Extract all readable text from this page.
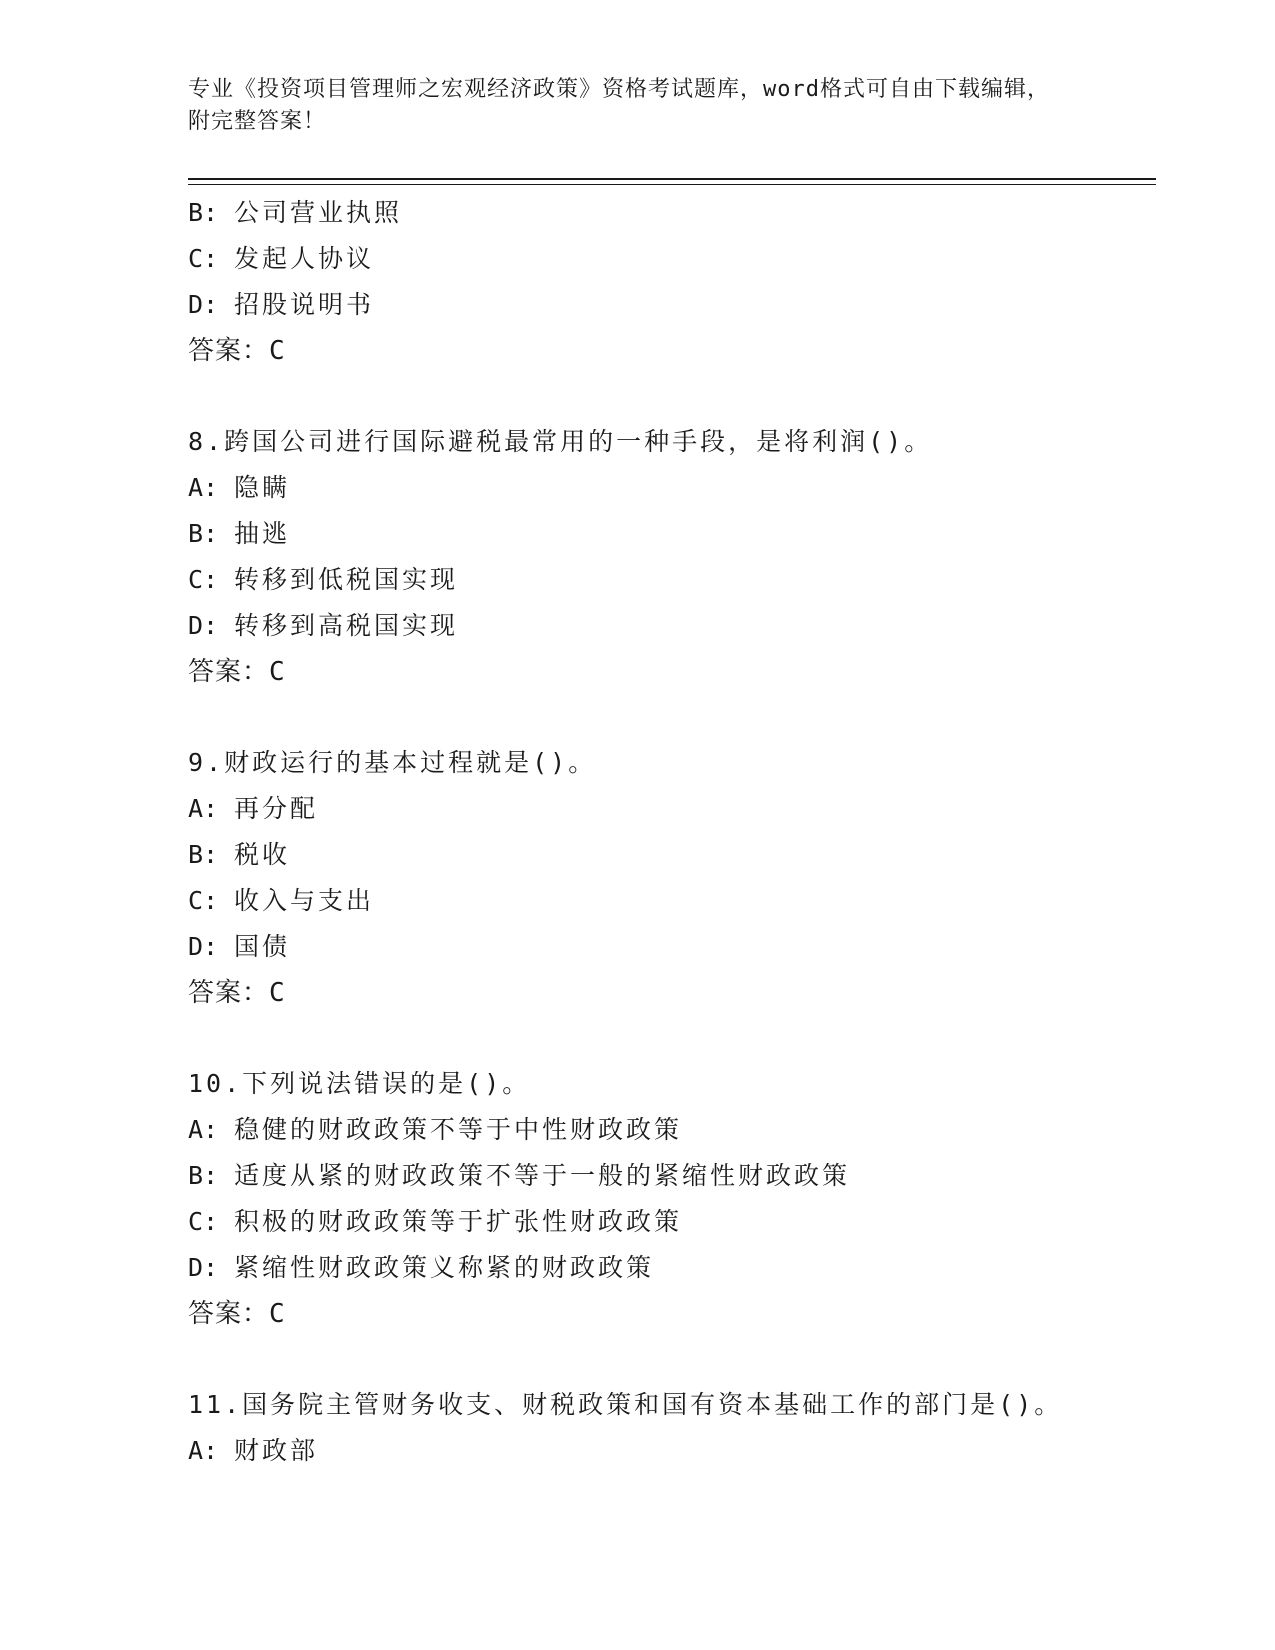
专业《投资项目管理师之宏观经济政策》资格考试题库，word格式可自由下载编辑，附完整答案！
B: 公司营业执照
C: 发起人协议
D: 招股说明书
答案：C
8.跨国公司进行国际避税最常用的一种手段，是将利润()。
A: 隐瞒
B: 抽逃
C: 转移到低税国实现
D: 转移到高税国实现
答案：C
9.财政运行的基本过程就是()。
A: 再分配
B: 税收
C: 收入与支出
D: 国债
答案：C
10.下列说法错误的是()。
A: 稳健的财政政策不等于中性财政政策
B: 适度从紧的财政政策不等于一般的紧缩性财政政策
C: 积极的财政政策等于扩张性财政政策
D: 紧缩性财政政策义称紧的财政政策
答案：C
11.国务院主管财务收支、财税政策和国有资本基础工作的部门是()。
A: 财政部
